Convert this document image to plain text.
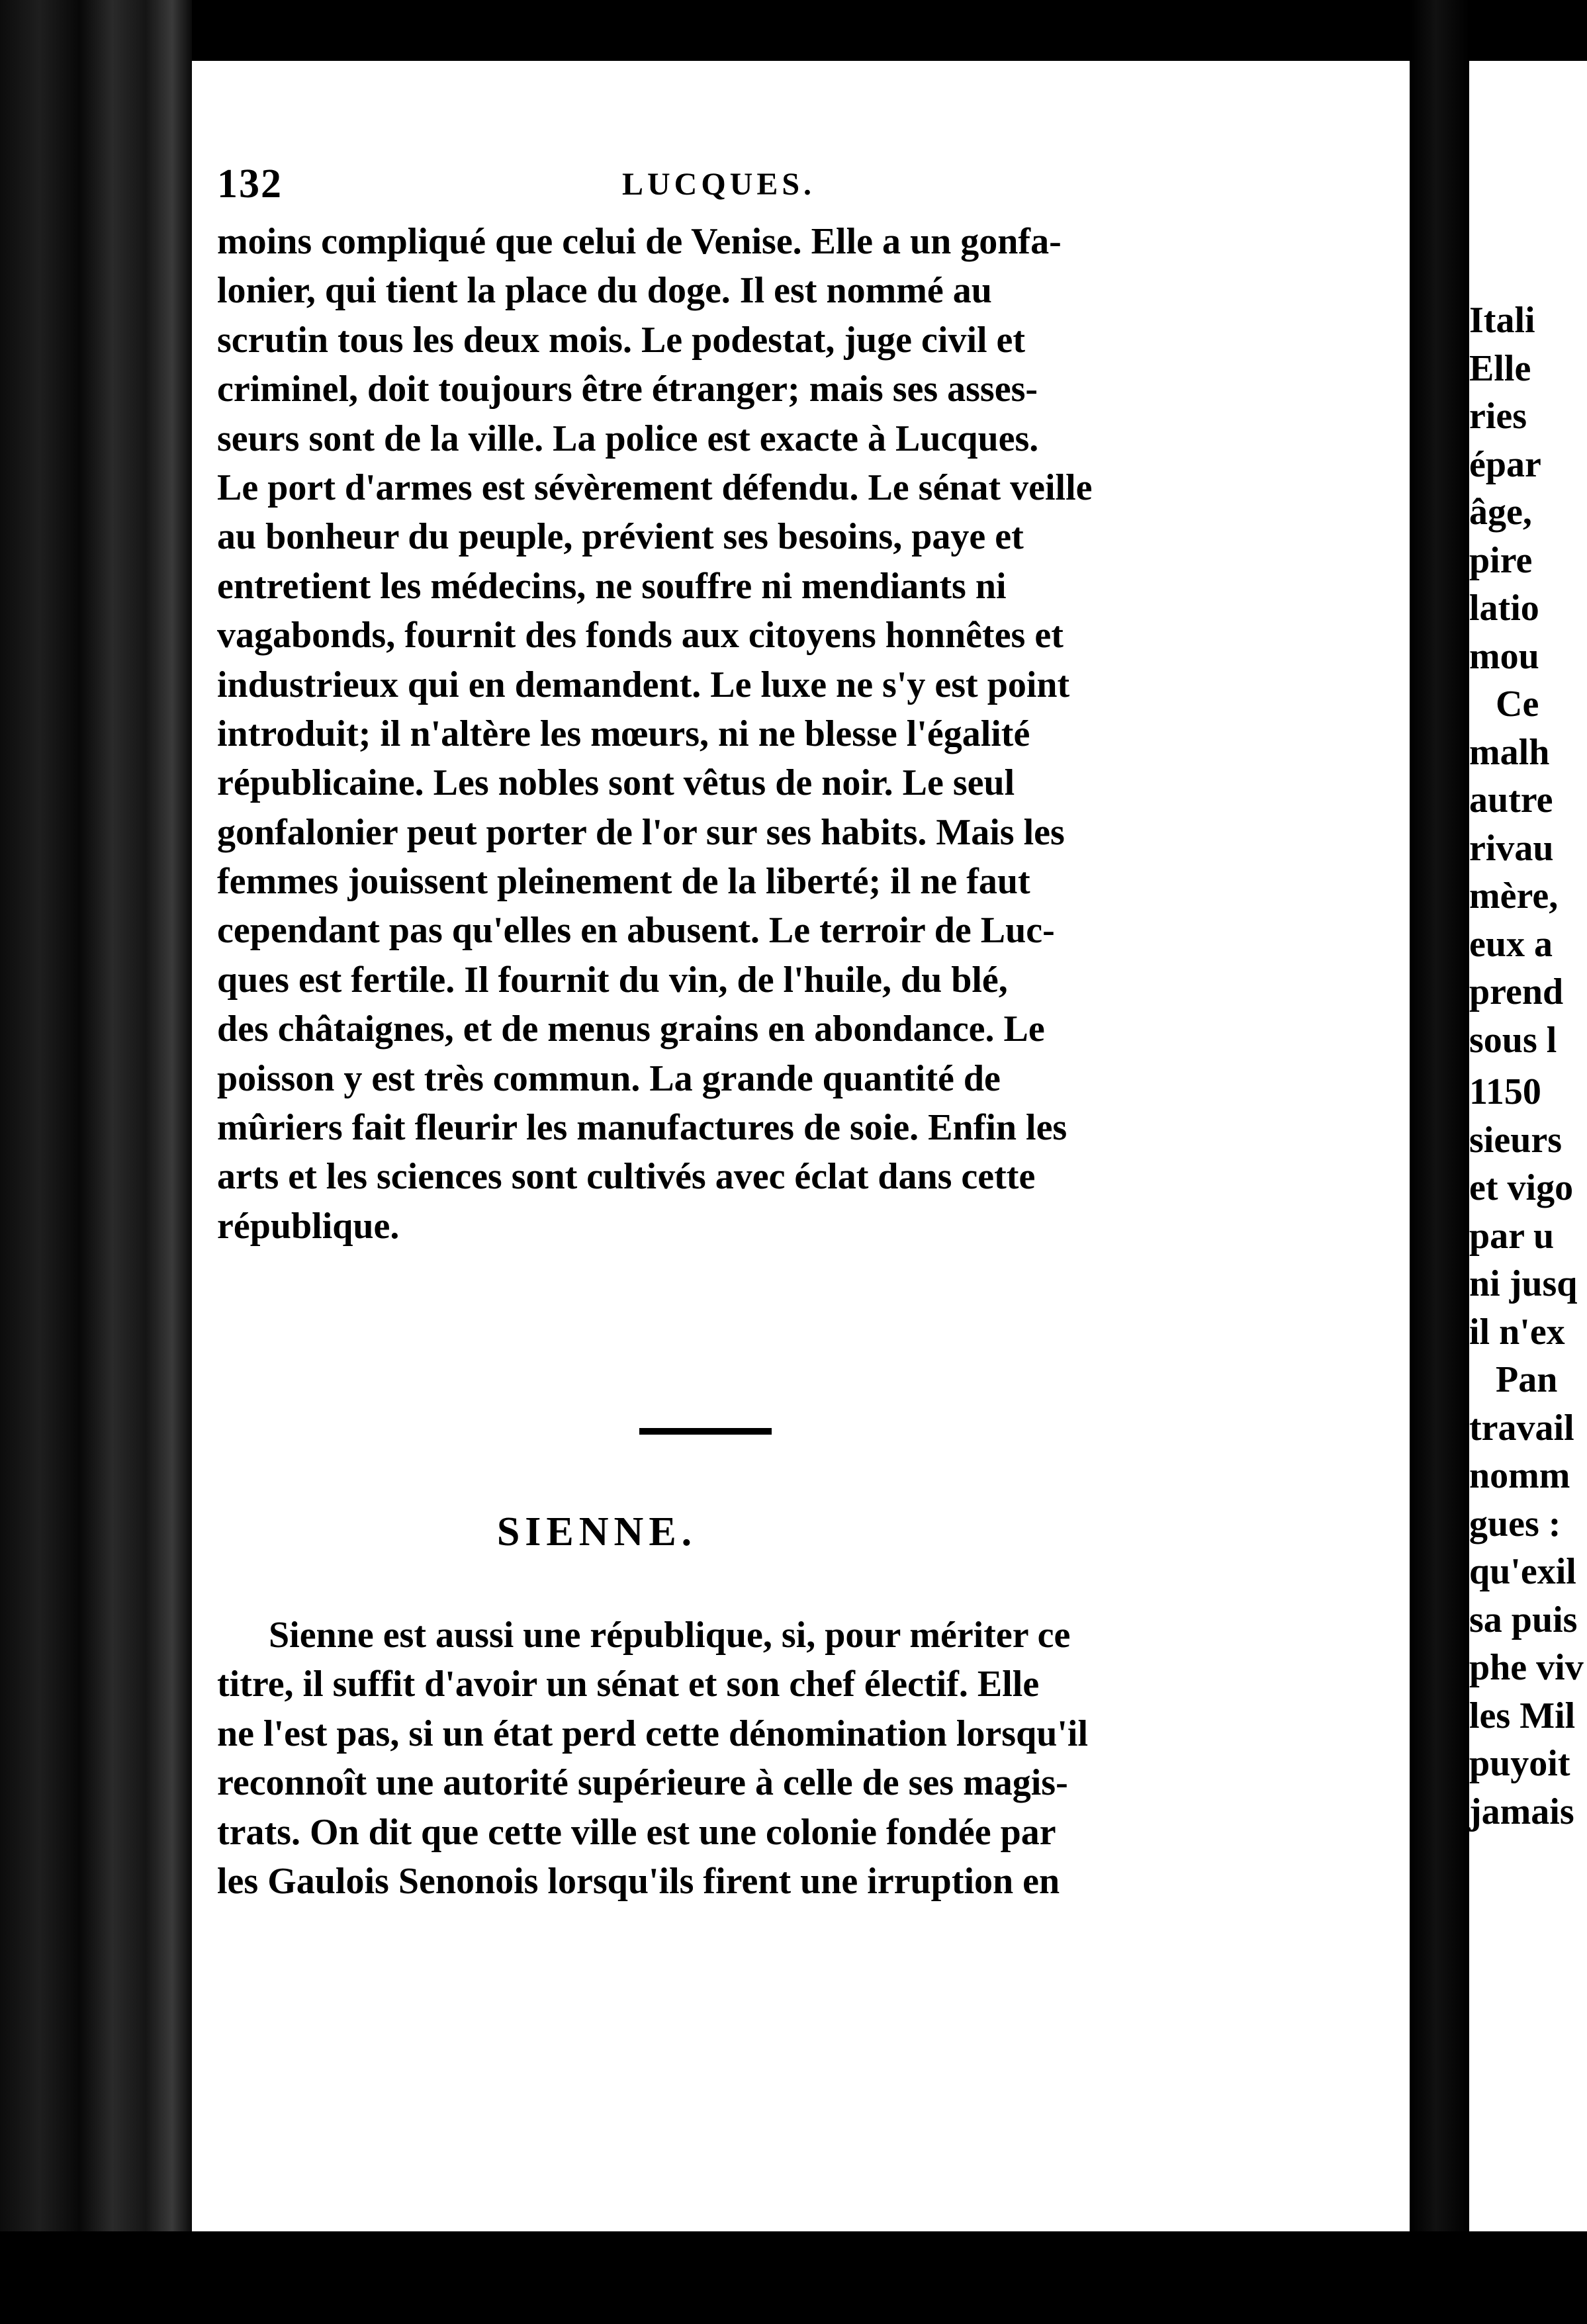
132	LUCQUES.
moins compliqué que celui de Venise. Elle a un gonfa-
lonier, qui tient la place du doge. Il est nommé au
scrutin tous les deux mois. Le podestat, juge civil et
criminel, doit toujours être étranger; mais ses asses-
seurs sont de la ville. La police est exacte à Lucques.
Le port d'armes est sévèrement défendu. Le sénat veille
au bonheur du peuple, prévient ses besoins, paye et
entretient les médecins, ne souffre ni mendiants ni
vagabonds, fournit des fonds aux citoyens honnêtes et
industrieux qui en demandent. Le luxe ne s'y est point
introduit; il n'altère les mœurs, ni ne blesse l'égalité
républicaine. Les nobles sont vêtus de noir. Le seul
gonfalonier peut porter de l'or sur ses habits. Mais les
femmes jouissent pleinement de la liberté; il ne faut
cependant pas qu'elles en abusent. Le terroir de Luc-
ques est fertile. Il fournit du vin, de l'huile, du blé,
des châtaignes, et de menus grains en abondance. Le
poisson y est très commun. La grande quantité de
mûriers fait fleurir les manufactures de soie. Enfin les
arts et les sciences sont cultivés avec éclat dans cette
république.
SIENNE.
Sienne est aussi une république, si, pour mériter ce
titre, il suffit d'avoir un sénat et son chef électif. Elle
ne l'est pas, si un état perd cette dénomination lorsqu'il
reconnoît une autorité supérieure à celle de ses magis-
trats. On dit que cette ville est une colonie fondée par
les Gaulois Senonois lorsqu'ils firent une irruption en
Itali
Elle
ries
épar
âge,
pire
latio
mou
Ce
malh
autre
rivau
mère,
eux a
prend
sous l
1150
sieurs
et vigo
par u
ni jusq
il n'ex
Pan
travail
nomm
gues :
qu'exil
sa puis
phe viv
les Mil
puyoit
jamais
